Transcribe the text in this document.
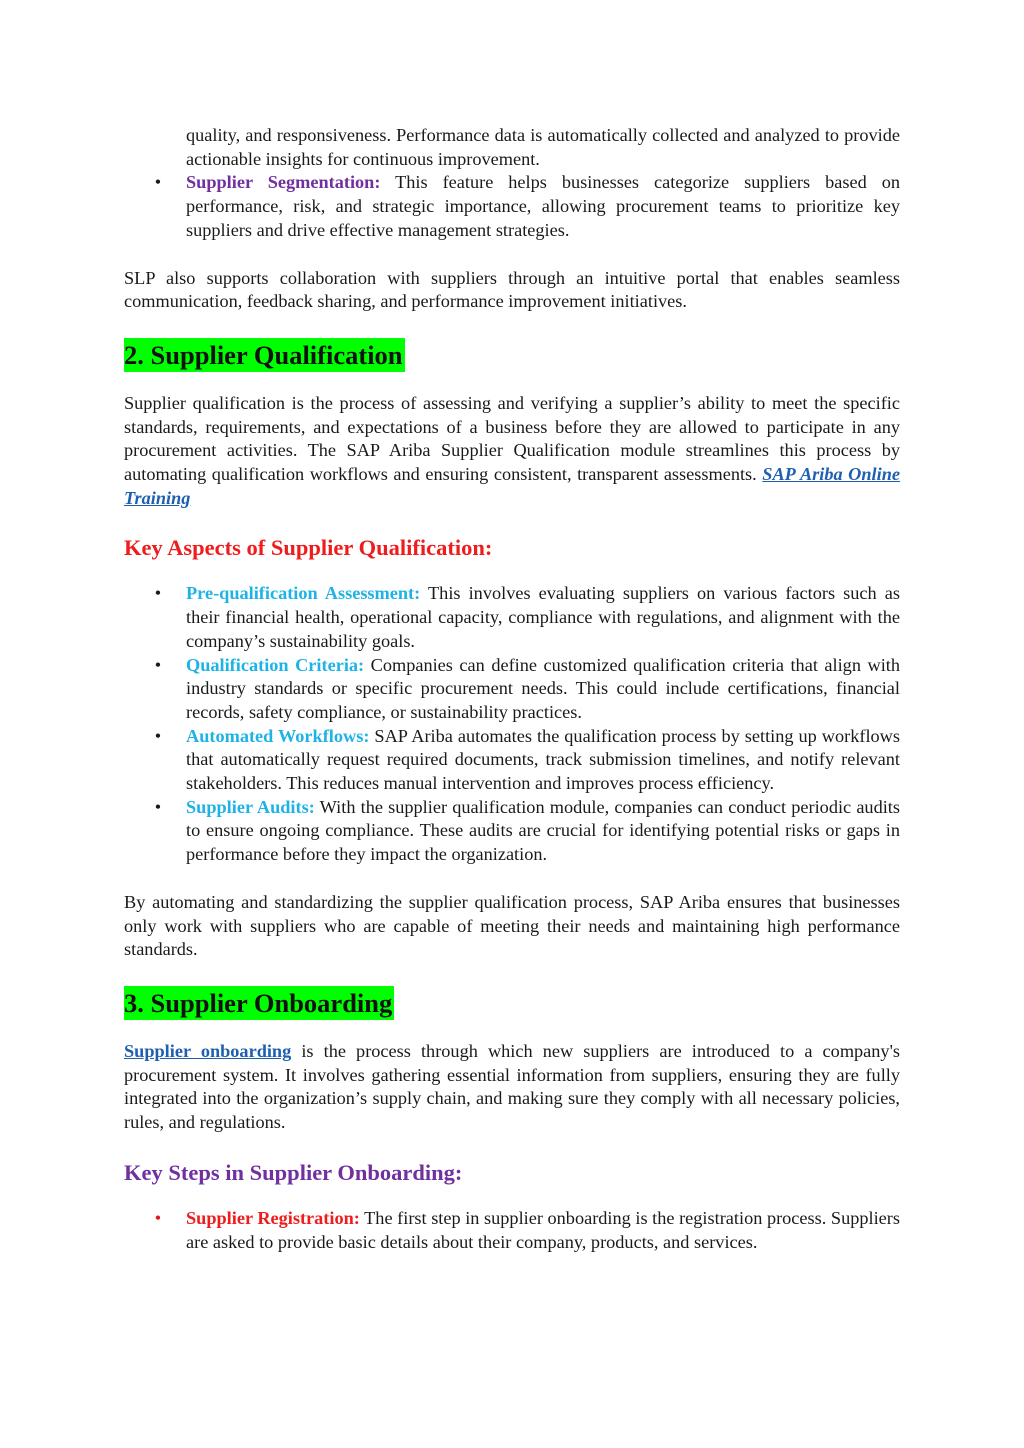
quality, and responsiveness. Performance data is automatically collected and analyzed to provide actionable insights for continuous improvement.
• Supplier Segmentation: This feature helps businesses categorize suppliers based on performance, risk, and strategic importance, allowing procurement teams to prioritize key suppliers and drive effective management strategies.

SLP also supports collaboration with suppliers through an intuitive portal that enables seamless communication, feedback sharing, and performance improvement initiatives.

2. Supplier Qualification

Supplier qualification is the process of assessing and verifying a supplier’s ability to meet the specific standards, requirements, and expectations of a business before they are allowed to participate in any procurement activities. The SAP Ariba Supplier Qualification module streamlines this process by automating qualification workflows and ensuring consistent, transparent assessments. SAP Ariba Online Training

Key Aspects of Supplier Qualification:
• Pre-qualification Assessment: This involves evaluating suppliers on various factors such as their financial health, operational capacity, compliance with regulations, and alignment with the company’s sustainability goals.
• Qualification Criteria: Companies can define customized qualification criteria that align with industry standards or specific procurement needs. This could include certifications, financial records, safety compliance, or sustainability practices.
• Automated Workflows: SAP Ariba automates the qualification process by setting up workflows that automatically request required documents, track submission timelines, and notify relevant stakeholders. This reduces manual intervention and improves process efficiency.
• Supplier Audits: With the supplier qualification module, companies can conduct periodic audits to ensure ongoing compliance. These audits are crucial for identifying potential risks or gaps in performance before they impact the organization.

By automating and standardizing the supplier qualification process, SAP Ariba ensures that businesses only work with suppliers who are capable of meeting their needs and maintaining high performance standards.

3. Supplier Onboarding

Supplier onboarding is the process through which new suppliers are introduced to a company's procurement system. It involves gathering essential information from suppliers, ensuring they are fully integrated into the organization’s supply chain, and making sure they comply with all necessary policies, rules, and regulations.

Key Steps in Supplier Onboarding:
• Supplier Registration: The first step in supplier onboarding is the registration process. Suppliers are asked to provide basic details about their company, products, and services.
